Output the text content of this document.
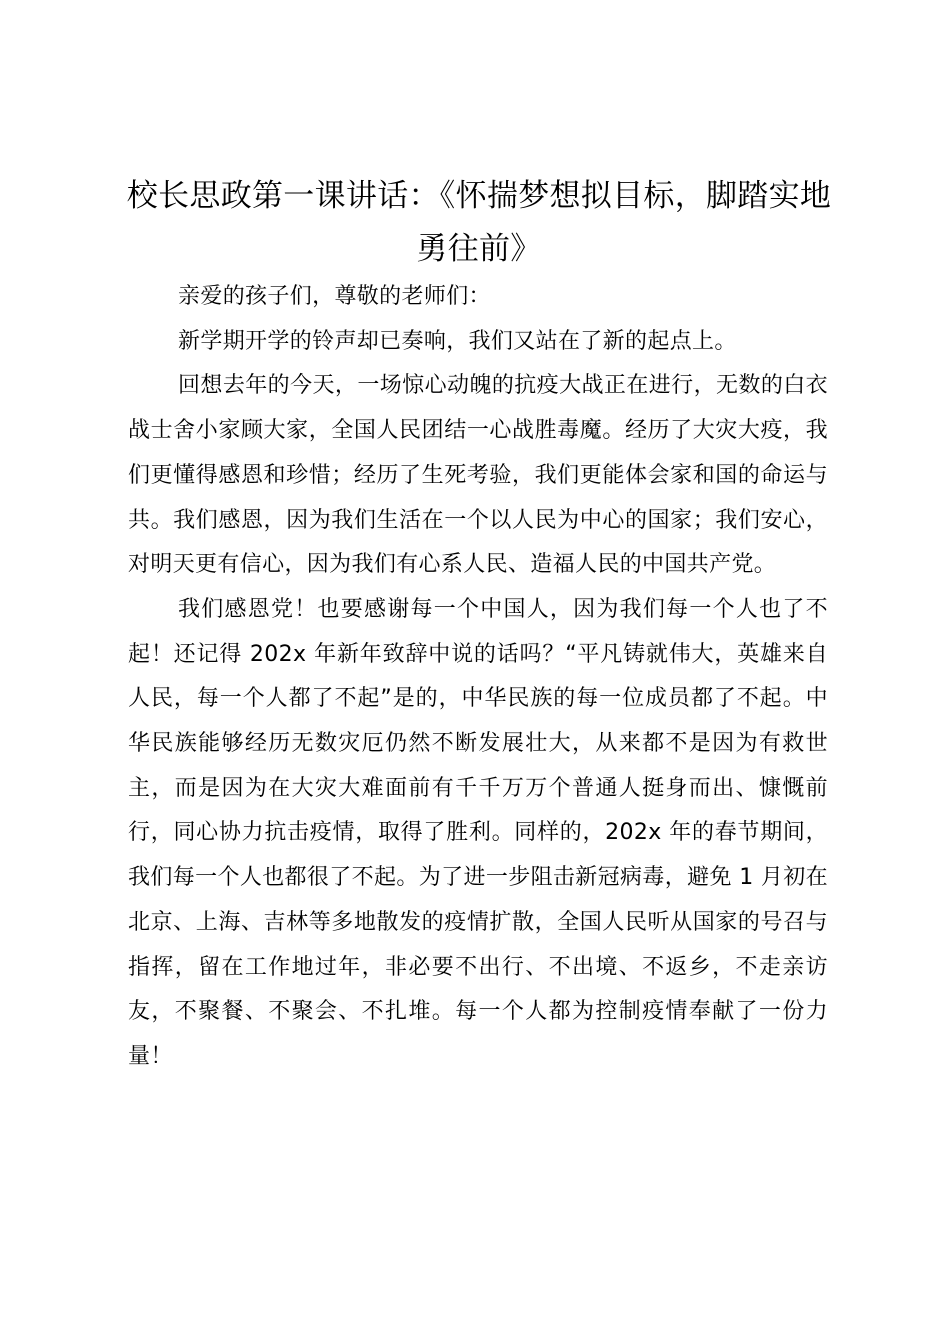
校长思政第一课讲话：《怀揣梦想拟目标，脚踏实地勇往前》

亲爱的孩子们，尊敬的老师们：

新学期开学的铃声却已奏响，我们又站在了新的起点上。

回想去年的今天，一场惊心动魄的抗疫大战正在进行，无数的白衣战士舍小家顾大家，全国人民团结一心战胜毒魔。经历了大灾大疫，我们更懂得感恩和珍惜；经历了生死考验，我们更能体会家和国的命运与共。我们感恩，因为我们生活在一个以人民为中心的国家；我们安心，对明天更有信心，因为我们有心系人民、造福人民的中国共产党。

我们感恩党！也要感谢每一个中国人，因为我们每一个人也了不起！还记得 202x 年新年致辞中说的话吗？“平凡铸就伟大，英雄来自人民，每一个人都了不起”是的，中华民族的每一位成员都了不起。中华民族能够经历无数灾厄仍然不断发展壮大，从来都不是因为有救世主，而是因为在大灾大难面前有千千万万个普通人挺身而出、慷慨前行，同心协力抗击疫情，取得了胜利。同样的，202x 年的春节期间，我们每一个人也都很了不起。为了进一步阻击新冠病毒，避免 1 月初在北京、上海、吉林等多地散发的疫情扩散，全国人民听从国家的号召与指挥，留在工作地过年，非必要不出行、不出境、不返乡，不走亲访友，不聚餐、不聚会、不扎堆。每一个人都为控制疫情奉献了一份力量！
